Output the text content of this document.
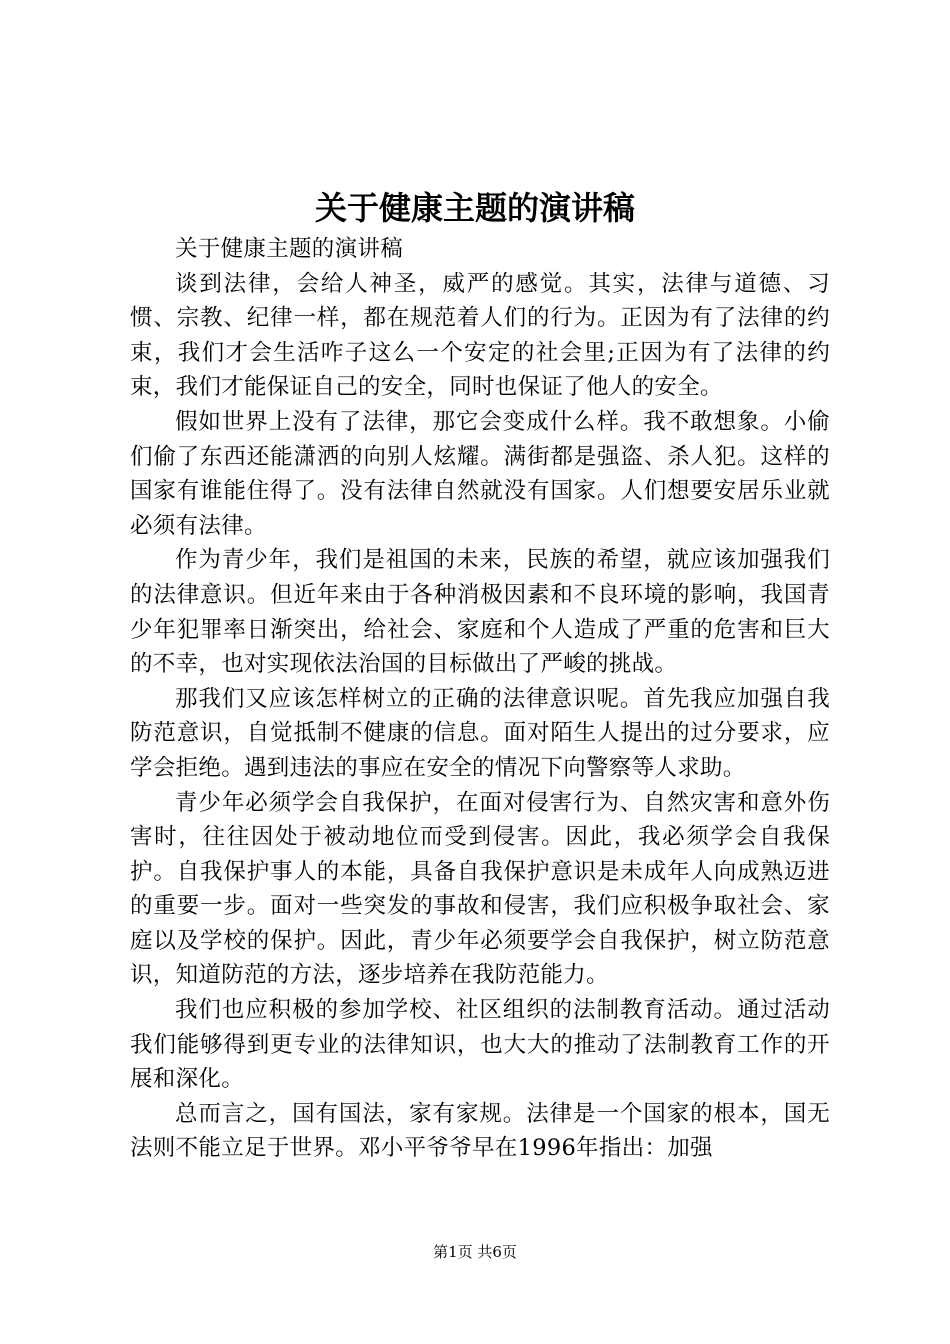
关于健康主题的演讲稿

关于健康主题的演讲稿

谈到法律，会给人神圣，威严的感觉。其实，法律与道德、习惯、宗教、纪律一样，都在规范着人们的行为。正因为有了法律的约束，我们才会生活咋子这么一个安定的社会里;正因为有了法律的约束，我们才能保证自己的安全，同时也保证了他人的安全。

假如世界上没有了法律，那它会变成什么样。我不敢想象。小偷们偷了东西还能潇洒的向别人炫耀。满街都是强盗、杀人犯。这样的国家有谁能住得了。没有法律自然就没有国家。人们想要安居乐业就必须有法律。

作为青少年，我们是祖国的未来，民族的希望，就应该加强我们的法律意识。但近年来由于各种消极因素和不良环境的影响，我国青少年犯罪率日渐突出，给社会、家庭和个人造成了严重的危害和巨大的不幸，也对实现依法治国的目标做出了严峻的挑战。

那我们又应该怎样树立的正确的法律意识呢。首先我应加强自我防范意识，自觉抵制不健康的信息。面对陌生人提出的过分要求，应学会拒绝。遇到违法的事应在安全的情况下向警察等人求助。

青少年必须学会自我保护，在面对侵害行为、自然灾害和意外伤害时，往往因处于被动地位而受到侵害。因此，我必须学会自我保护。自我保护事人的本能，具备自我保护意识是未成年人向成熟迈进的重要一步。面对一些突发的事故和侵害，我们应积极争取社会、家庭以及学校的保护。因此，青少年必须要学会自我保护，树立防范意识，知道防范的方法，逐步培养在我防范能力。

我们也应积极的参加学校、社区组织的法制教育活动。通过活动我们能够得到更专业的法律知识，也大大的推动了法制教育工作的开展和深化。

总而言之，国有国法，家有家规。法律是一个国家的根本，国无法则不能立足于世界。邓小平爷爷早在1996年指出：加强

第1页 共6页
